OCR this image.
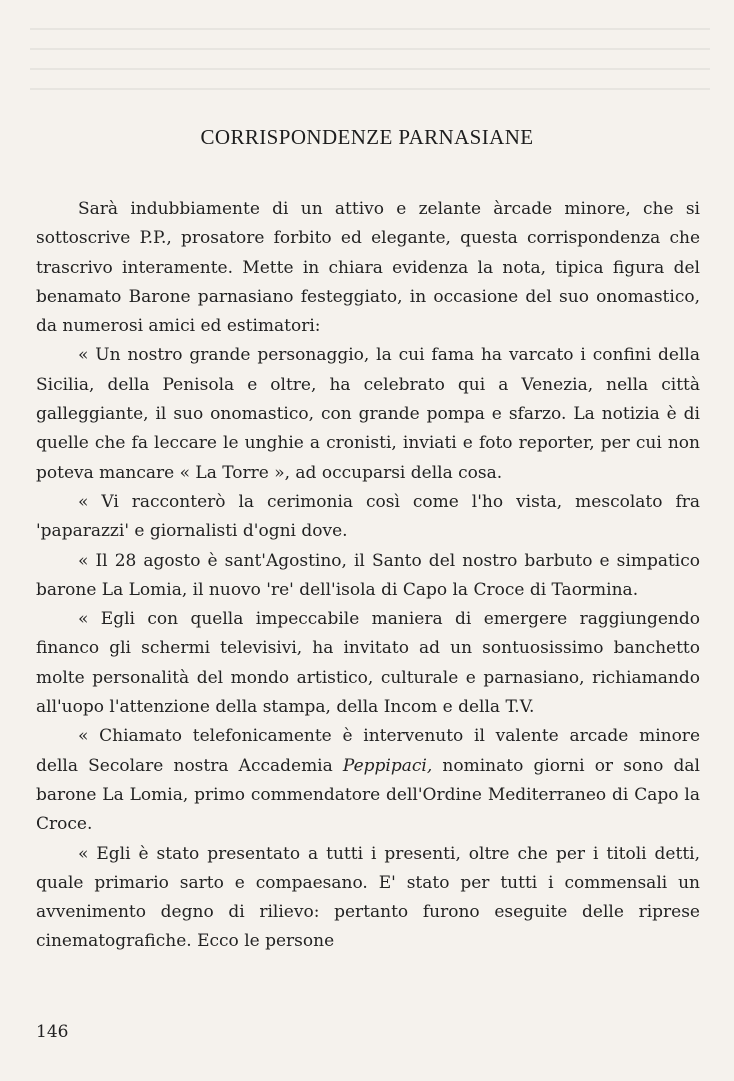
CORRISPONDENZE PARNASIANE

Sarà indubbiamente di un attivo e zelante àrcade minore, che si sottoscrive P.P., prosatore forbito ed elegante, questa corrispondenza che trascrivo interamente. Mette in chiara evidenza la nota, tipica figura del benamato Barone parnasiano festeggiato, in occasione del suo onomastico, da numerosi amici ed estimatori:

« Un nostro grande personaggio, la cui fama ha varcato i confini della Sicilia, della Penisola e oltre, ha celebrato qui a Venezia, nella città galleggiante, il suo onomastico, con grande pompa e sfarzo. La notizia è di quelle che fa leccare le unghie a cronisti, inviati e foto reporter, per cui non poteva mancare « La Torre », ad occuparsi della cosa.

« Vi racconterò la cerimonia così come l'ho vista, mescolato fra 'paparazzi' e giornalisti d'ogni dove.

« Il 28 agosto è sant'Agostino, il Santo del nostro barbuto e simpatico barone La Lomia, il nuovo 're' dell'isola di Capo la Croce di Taormina.

« Egli con quella impeccabile maniera di emergere raggiungendo financo gli schermi televisivi, ha invitato ad un sontuosissimo banchetto molte personalità del mondo artistico, culturale e parnasiano, richiamando all'uopo l'attenzione della stampa, della Incom e della T.V.

« Chiamato telefonicamente è intervenuto il valente arcade minore della Secolare nostra Accademia Peppipaci, nominato giorni or sono dal barone La Lomia, primo commendatore dell'Ordine Mediterraneo di Capo la Croce.

« Egli è stato presentato a tutti i presenti, oltre che per i titoli detti, quale primario sarto e compaesano. E' stato per tutti i commensali un avvenimento degno di rilievo: pertanto furono eseguite delle riprese cinematografiche. Ecco le persone

146
